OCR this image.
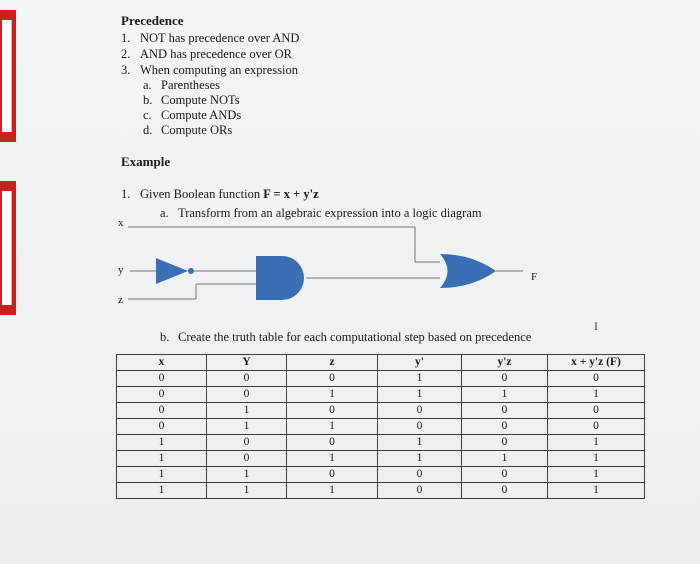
Precedence
1. NOT has precedence over AND
2. AND has precedence over OR
3. When computing an expression
a. Parentheses
b. Compute NOTs
c. Compute ANDs
d. Compute ORs
Example
1. Given Boolean function F = x + y'z
a. Transform from an algebraic expression into a logic diagram
x
y
z
F
b. Create the truth table for each computational step based on precedence
I
x	Y	z	y'	y'z	x + y'z (F)
0	0	0	1	0	0
0	0	1	1	1	1
0	1	0	0	0	0
0	1	1	0	0	0
1	0	0	1	0	1
1	0	1	1	1	1
1	1	0	0	0	1
1	1	1	0	0	1
